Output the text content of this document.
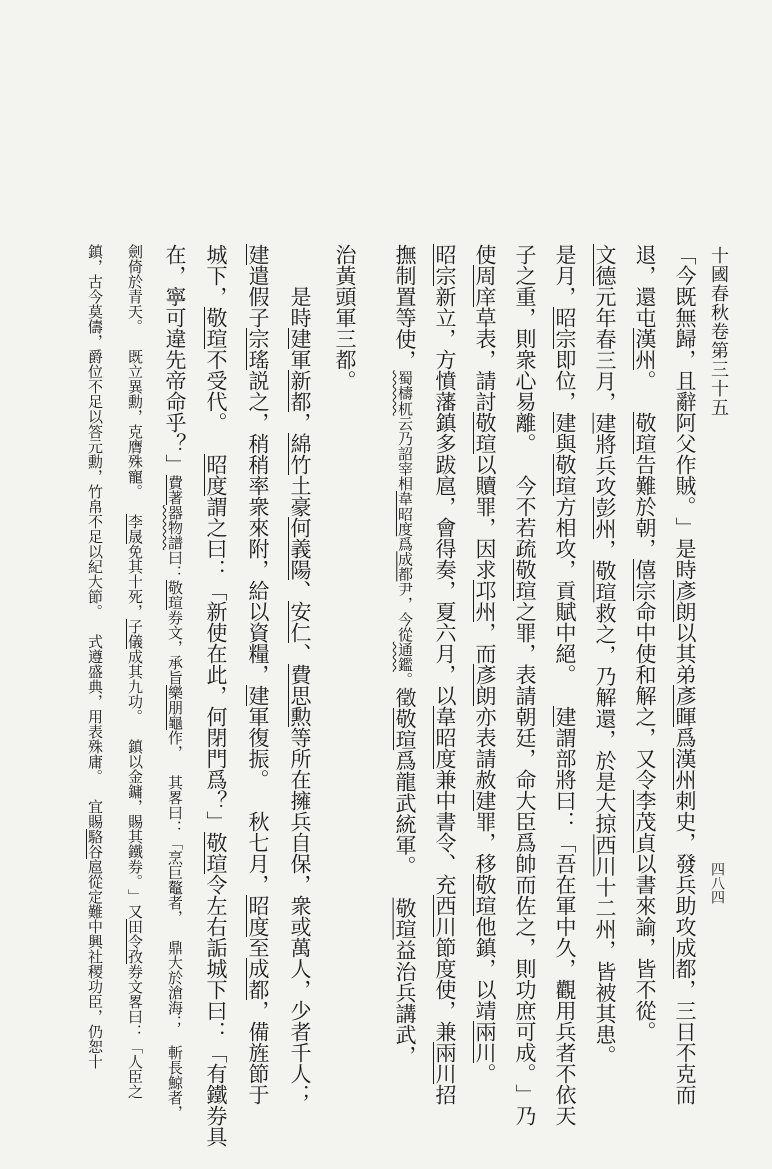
十國春秋卷第三十五
四八四
「今既無歸，且辭阿父作賊。」是時彥朗以其弟彥暉爲漢州刺史，發兵助攻成都，三日不克而
退，還屯漢州。　敬瑄告難於朝，僖宗命中使和解之，又令李茂貞以書來諭，皆不從。
文德元年春三月，建將兵攻彭州，敬瑄救之，乃解還，於是大掠西川十二州，皆被其患。
是月，昭宗即位，建與敬瑄方相攻，貢賦中絕。　建謂部將曰：「吾在軍中久，觀用兵者不依天
子之重，則衆心易離。　今不若疏敬瑄之罪，表請朝廷，命大臣爲帥而佐之，則功庶可成。」乃
使周庠草表，請討敬瑄以贖罪，因求邛州，而彥朗亦表請赦建罪，移敬瑄他鎮，以靖兩川。
昭宗新立，方憤藩鎮多跋扈，會得奏，夏六月，以韋昭度兼中書令、充西川節度使，兼兩川招
撫制置等使，蜀檮杌云乃詔宰相韋昭度爲成都尹，今從通鑑。徵敬瑄爲龍武統軍。　敬瑄益治兵講武，
治黃頭軍三都。
　　是時建軍新都，綿竹土豪何義陽、安仁、費思勲等所在擁兵自保，衆或萬人，少者千人；
建遣假子宗瑤説之，稍稍率衆來附，給以資糧，建軍復振。　秋七月，昭度至成都，備旌節于
城下，敬瑄不受代。　昭度謂之曰：「新使在此，何閉門爲？」敬瑄令左右詬城下曰：「有鐵券具
在，寧可違先帝命乎？」費著器物譜曰：敬瑄券文，承旨樂朋龜作，　其畧曰：「烹巨鼇者，　鼎大於滄海；　斬長鯨者，
劍倚於青天。　既立異勳，克膺殊寵。　李晟免其十死，子儀成其九功。　鎮以金鏞，賜其鐵券。」又田令孜券文畧曰：「人臣之
鎮，古今莫儔，爵位不足以答元勳，竹帛不足以紀大節。　式遵盛典，用表殊庸。　宜賜駱谷扈從定難中興社稷功臣，仍恕十
